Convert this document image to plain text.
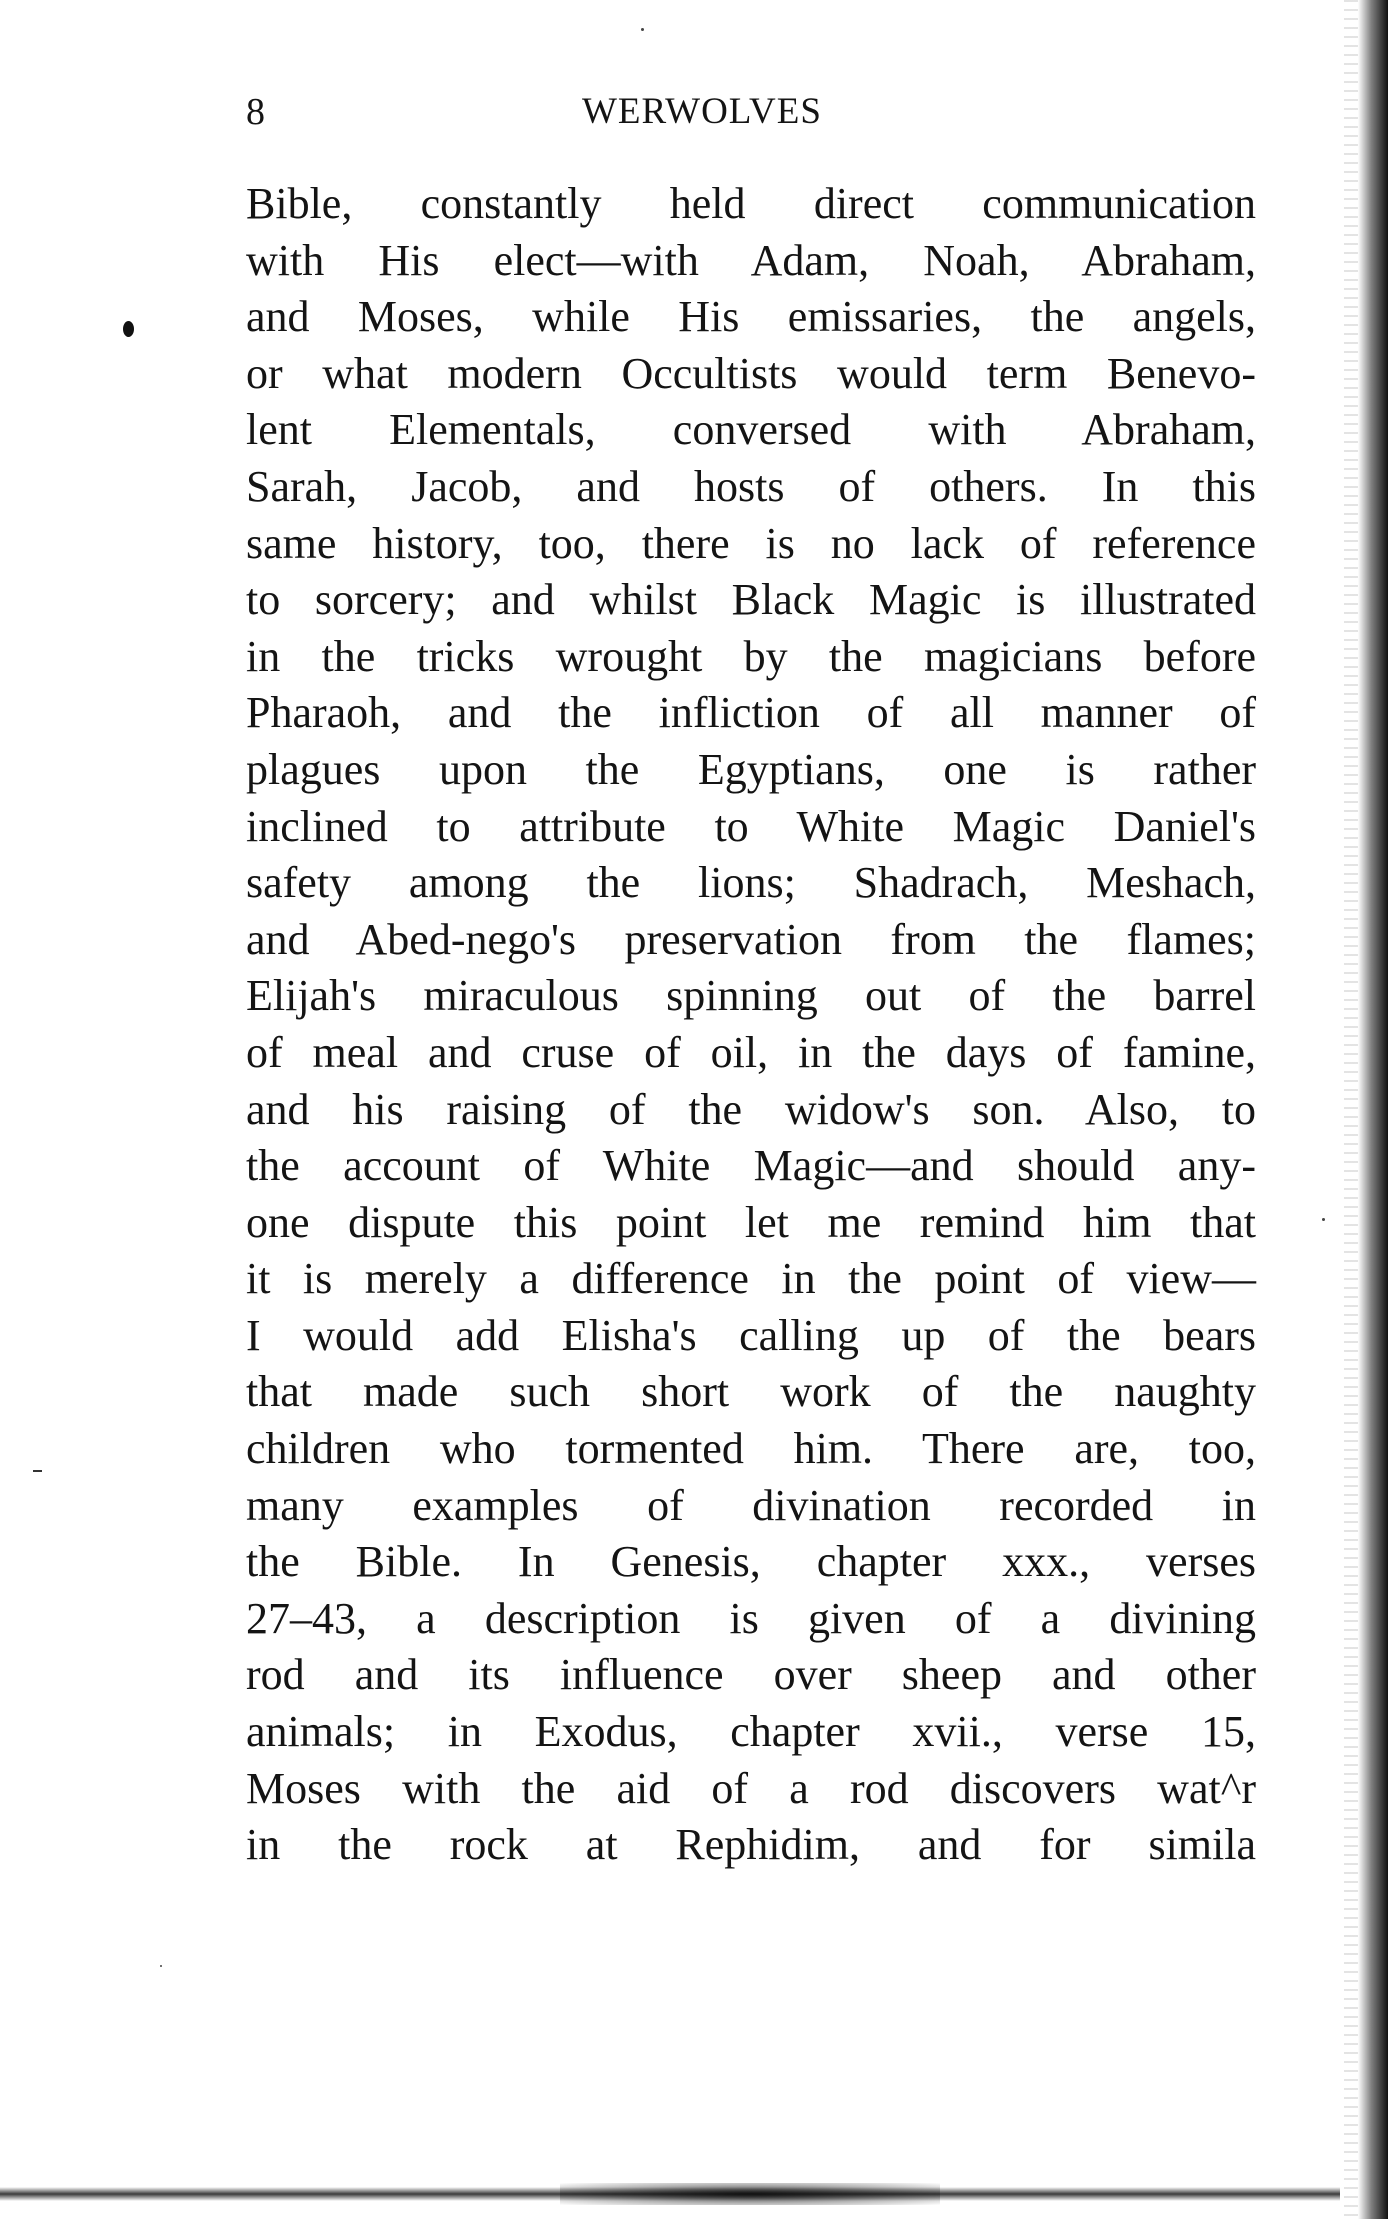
8	WERWOLVES
Bible, constantly held direct communication
with His elect—with Adam, Noah, Abraham,
and Moses, while His emissaries, the angels,
or what modern Occultists would term Benevo-
lent Elementals, conversed with Abraham,
Sarah, Jacob, and hosts of others. In this
same history, too, there is no lack of reference
to sorcery; and whilst Black Magic is illustrated
in the tricks wrought by the magicians before
Pharaoh, and the infliction of all manner of
plagues upon the Egyptians, one is rather
inclined to attribute to White Magic Daniel's
safety among the lions; Shadrach, Meshach,
and Abed-nego's preservation from the flames;
Elijah's miraculous spinning out of the barrel
of meal and cruse of oil, in the days of famine,
and his raising of the widow's son. Also, to
the account of White Magic—and should any-
one dispute this point let me remind him that
it is merely a difference in the point of view—
I would add Elisha's calling up of the bears
that made such short work of the naughty
children who tormented him. There are, too,
many examples of divination recorded in
the Bible. In Genesis, chapter xxx., verses
27–43, a description is given of a divining
rod and its influence over sheep and other
animals; in Exodus, chapter xvii., verse 15,
Moses with the aid of a rod discovers wat^r
in the rock at Rephidim, and for simila
